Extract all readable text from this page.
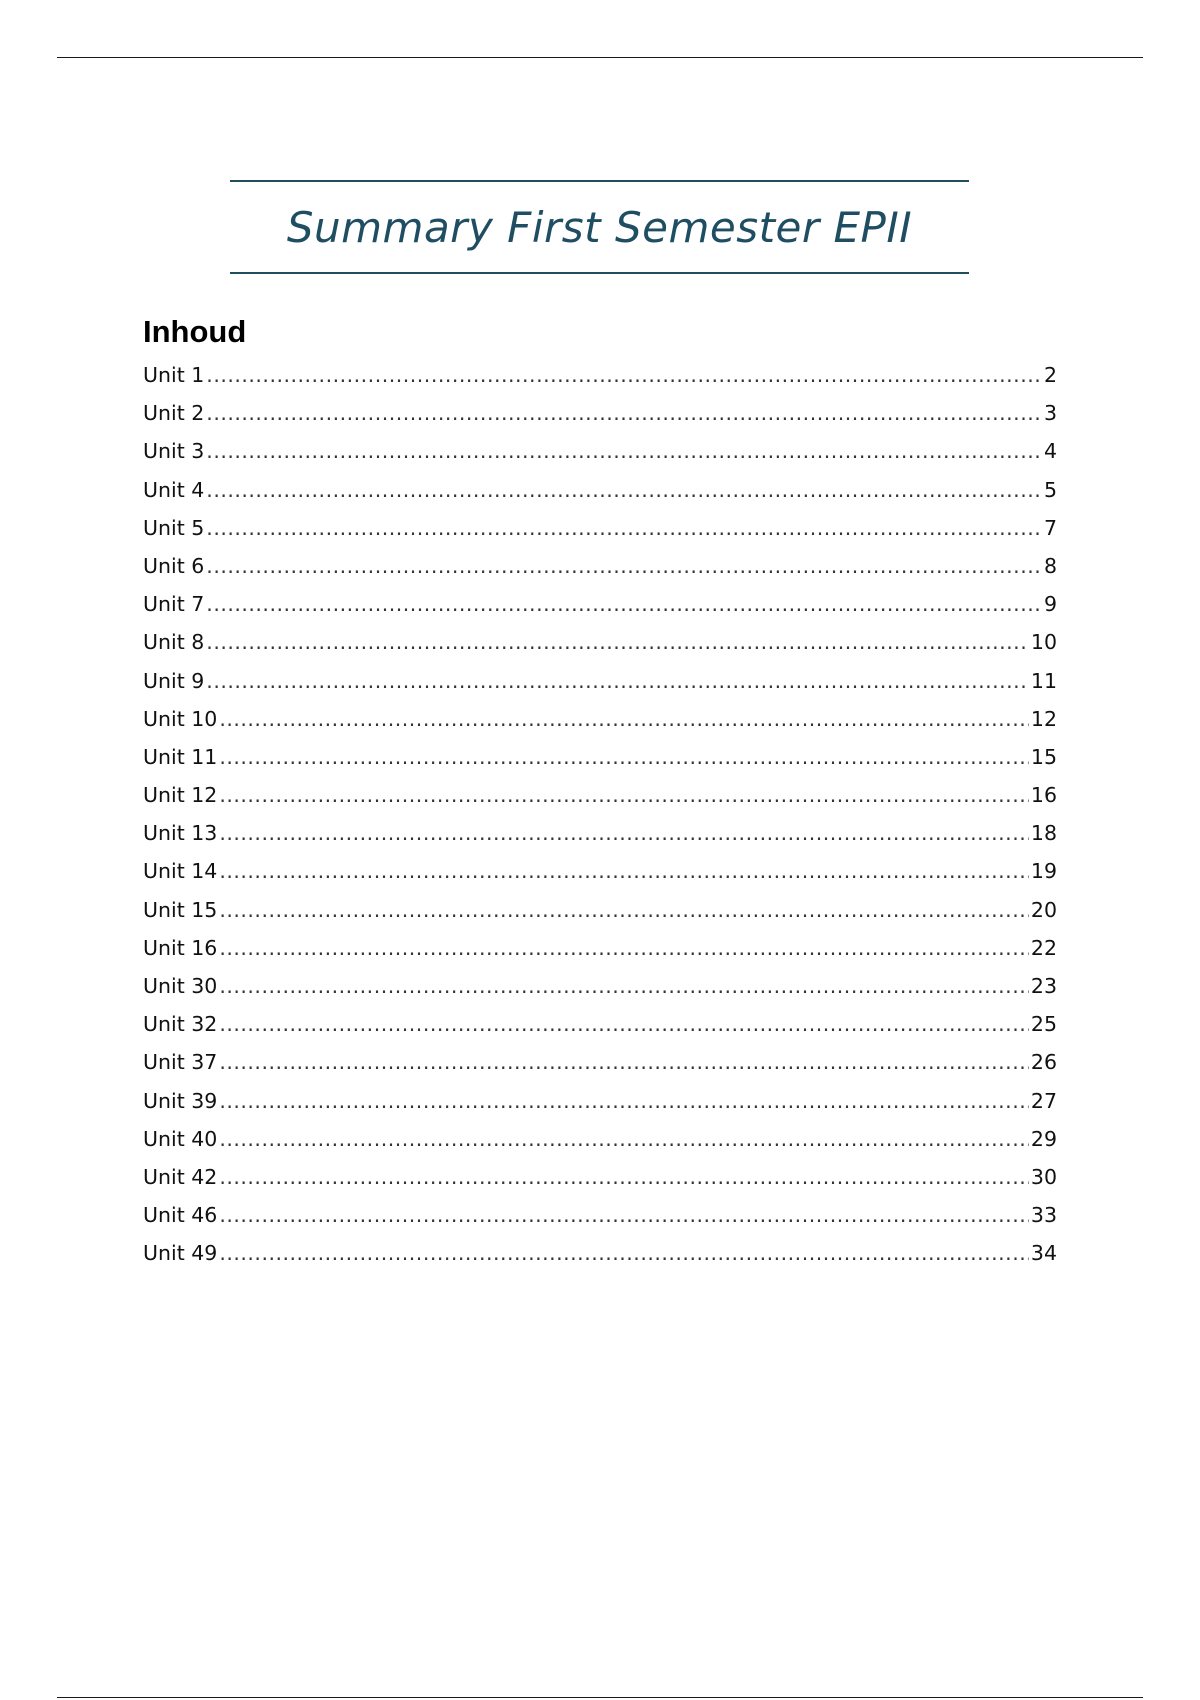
Summary First Semester EPII
Inhoud
Unit 1 .....	2
Unit 2 .....	3
Unit 3 .....	4
Unit 4 .....	5
Unit 5 .....	7
Unit 6 .....	8
Unit 7 .....	9
Unit 8 .....	10
Unit 9 .....	11
Unit 10 .....	12
Unit 11 .....	15
Unit 12 .....	16
Unit 13 .....	18
Unit 14 .....	19
Unit 15 .....	20
Unit 16 .....	22
Unit 30 .....	23
Unit 32 .....	25
Unit 37 .....	26
Unit 39 .....	27
Unit 40 .....	29
Unit 42 .....	30
Unit 46 .....	33
Unit 49 .....	34
